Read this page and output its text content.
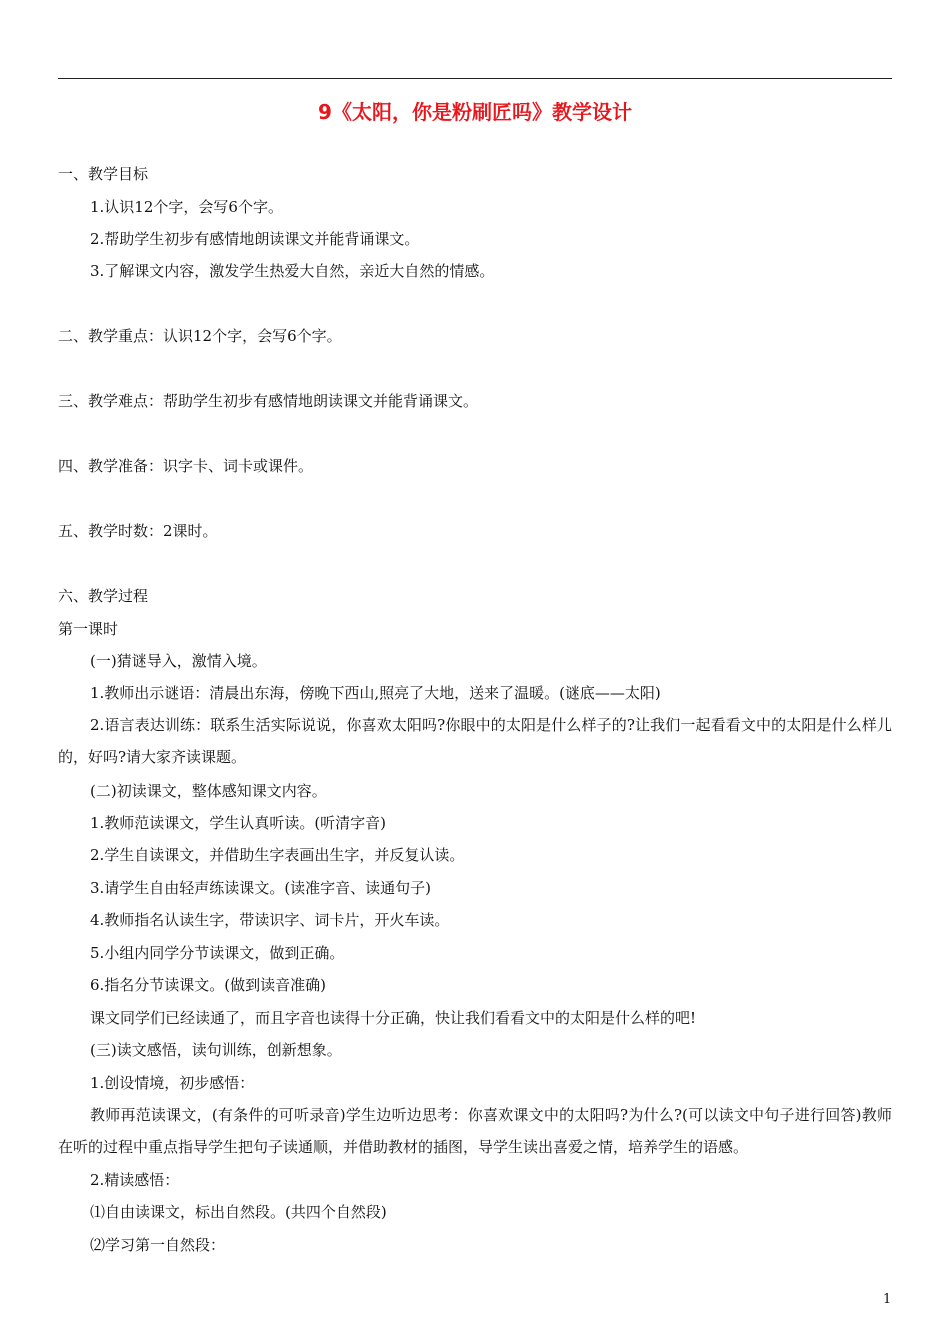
9《太阳，你是粉刷匠吗》教学设计
一、教学目标
1.认识12个字，会写6个字。
2.帮助学生初步有感情地朗读课文并能背诵课文。
3.了解课文内容，激发学生热爱大自然，亲近大自然的情感。
二、教学重点：认识12个字，会写6个字。
三、教学难点：帮助学生初步有感情地朗读课文并能背诵课文。
四、教学准备：识字卡、词卡或课件。
五、教学时数：2课时。
六、教学过程
第一课时
(一)猜谜导入，激情入境。
1.教师出示谜语：清晨出东海，傍晚下西山,照亮了大地，送来了温暖。(谜底——太阳)
2.语言表达训练：联系生活实际说说，你喜欢太阳吗?你眼中的太阳是什么样子的?让我们一起看看文中的太阳是什么样儿的，好吗?请大家齐读课题。
(二)初读课文，整体感知课文内容。
1.教师范读课文，学生认真听读。(听清字音)
2.学生自读课文，并借助生字表画出生字，并反复认读。
3.请学生自由轻声练读课文。(读准字音、读通句子)
4.教师指名认读生字，带读识字、词卡片，开火车读。
5.小组内同学分节读课文，做到正确。
6.指名分节读课文。(做到读音准确)
课文同学们已经读通了，而且字音也读得十分正确，快让我们看看文中的太阳是什么样的吧!
(三)读文感悟，读句训练，创新想象。
1.创设情境，初步感悟：
教师再范读课文，(有条件的可听录音)学生边听边思考：你喜欢课文中的太阳吗?为什么?(可以读文中句子进行回答)教师在听的过程中重点指导学生把句子读通顺，并借助教材的插图，导学生读出喜爱之情，培养学生的语感。
2.精读感悟：
⑴自由读课文，标出自然段。(共四个自然段)
⑵学习第一自然段：
1
